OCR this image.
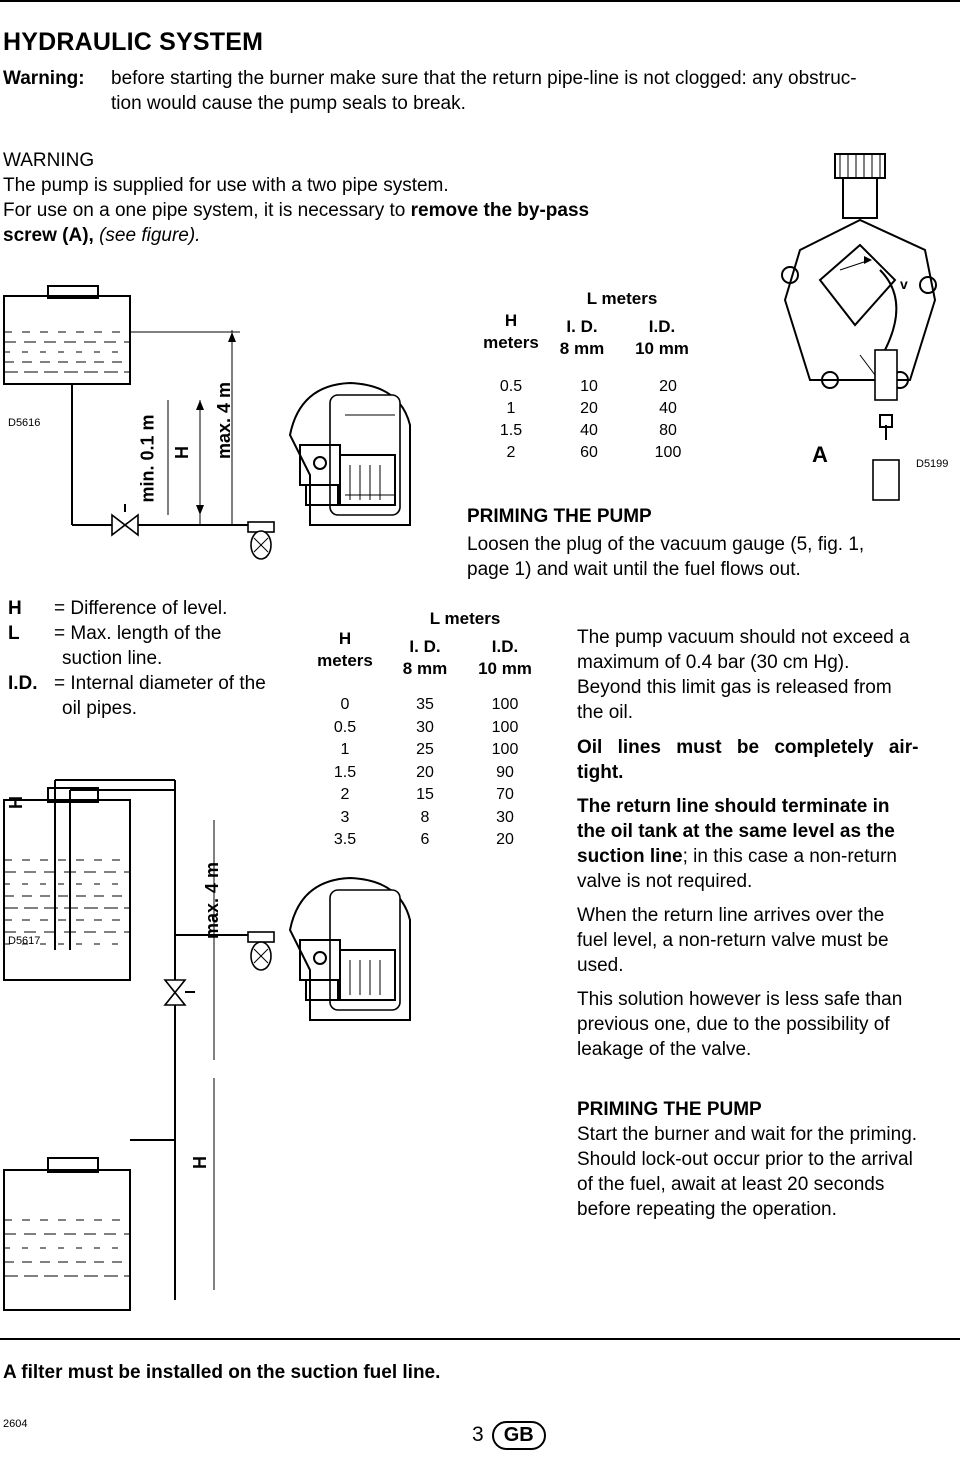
HYDRAULIC SYSTEM
Warning: before starting the burner make sure that the return pipe-line is not clogged: any obstruc-
tion would cause the pump seals to break.
WARNING
The pump is supplied for use with a two pipe system.
For use on a one pipe system, it is necessary to remove the by-pass
screw (A), (see figure).
D5616	min. 0.1 m H max. 4 m
H
meters

L meters
I. D.
8 mm

I.D.
10 mm
0.5	10	20
1	20	40
1.5	40	80
2	60	100
v
A	D5199
PRIMING THE PUMP
Loosen the plug of the vacuum gauge (5, fig. 1,
page 1) and wait until the fuel flows out.
H = Difference of level.
L = Max. length of the
suction line.
I.D. = Internal diameter of the
oil pipes.
H
D5617
max. 4 m
H
H
meters

L meters
I. D.
8 mm

I.D.
10 mm
0	35	100
0.5	30	100
1	25	100
1.5	20	90
2	15	70
3	8	30
3.5	6	20
The pump vacuum should not exceed a
maximum of 0.4 bar (30 cm Hg).
Beyond this limit gas is released from
the oil.
Oil lines must be completely air-
tight.
The return line should terminate in
the oil tank at the same level as the
suction line; in this case a non-return
valve is not required.
When the return line arrives over the
fuel level, a non-return valve must be
used.
This solution however is less safe than
previous one, due to the possibility of
leakage of the valve.
PRIMING THE PUMP
Start the burner and wait for the priming.
Should lock-out occur prior to the arrival
of the fuel, await at least 20 seconds
before repeating the operation.
A filter must be installed on the suction fuel line.
2604	3 GB
